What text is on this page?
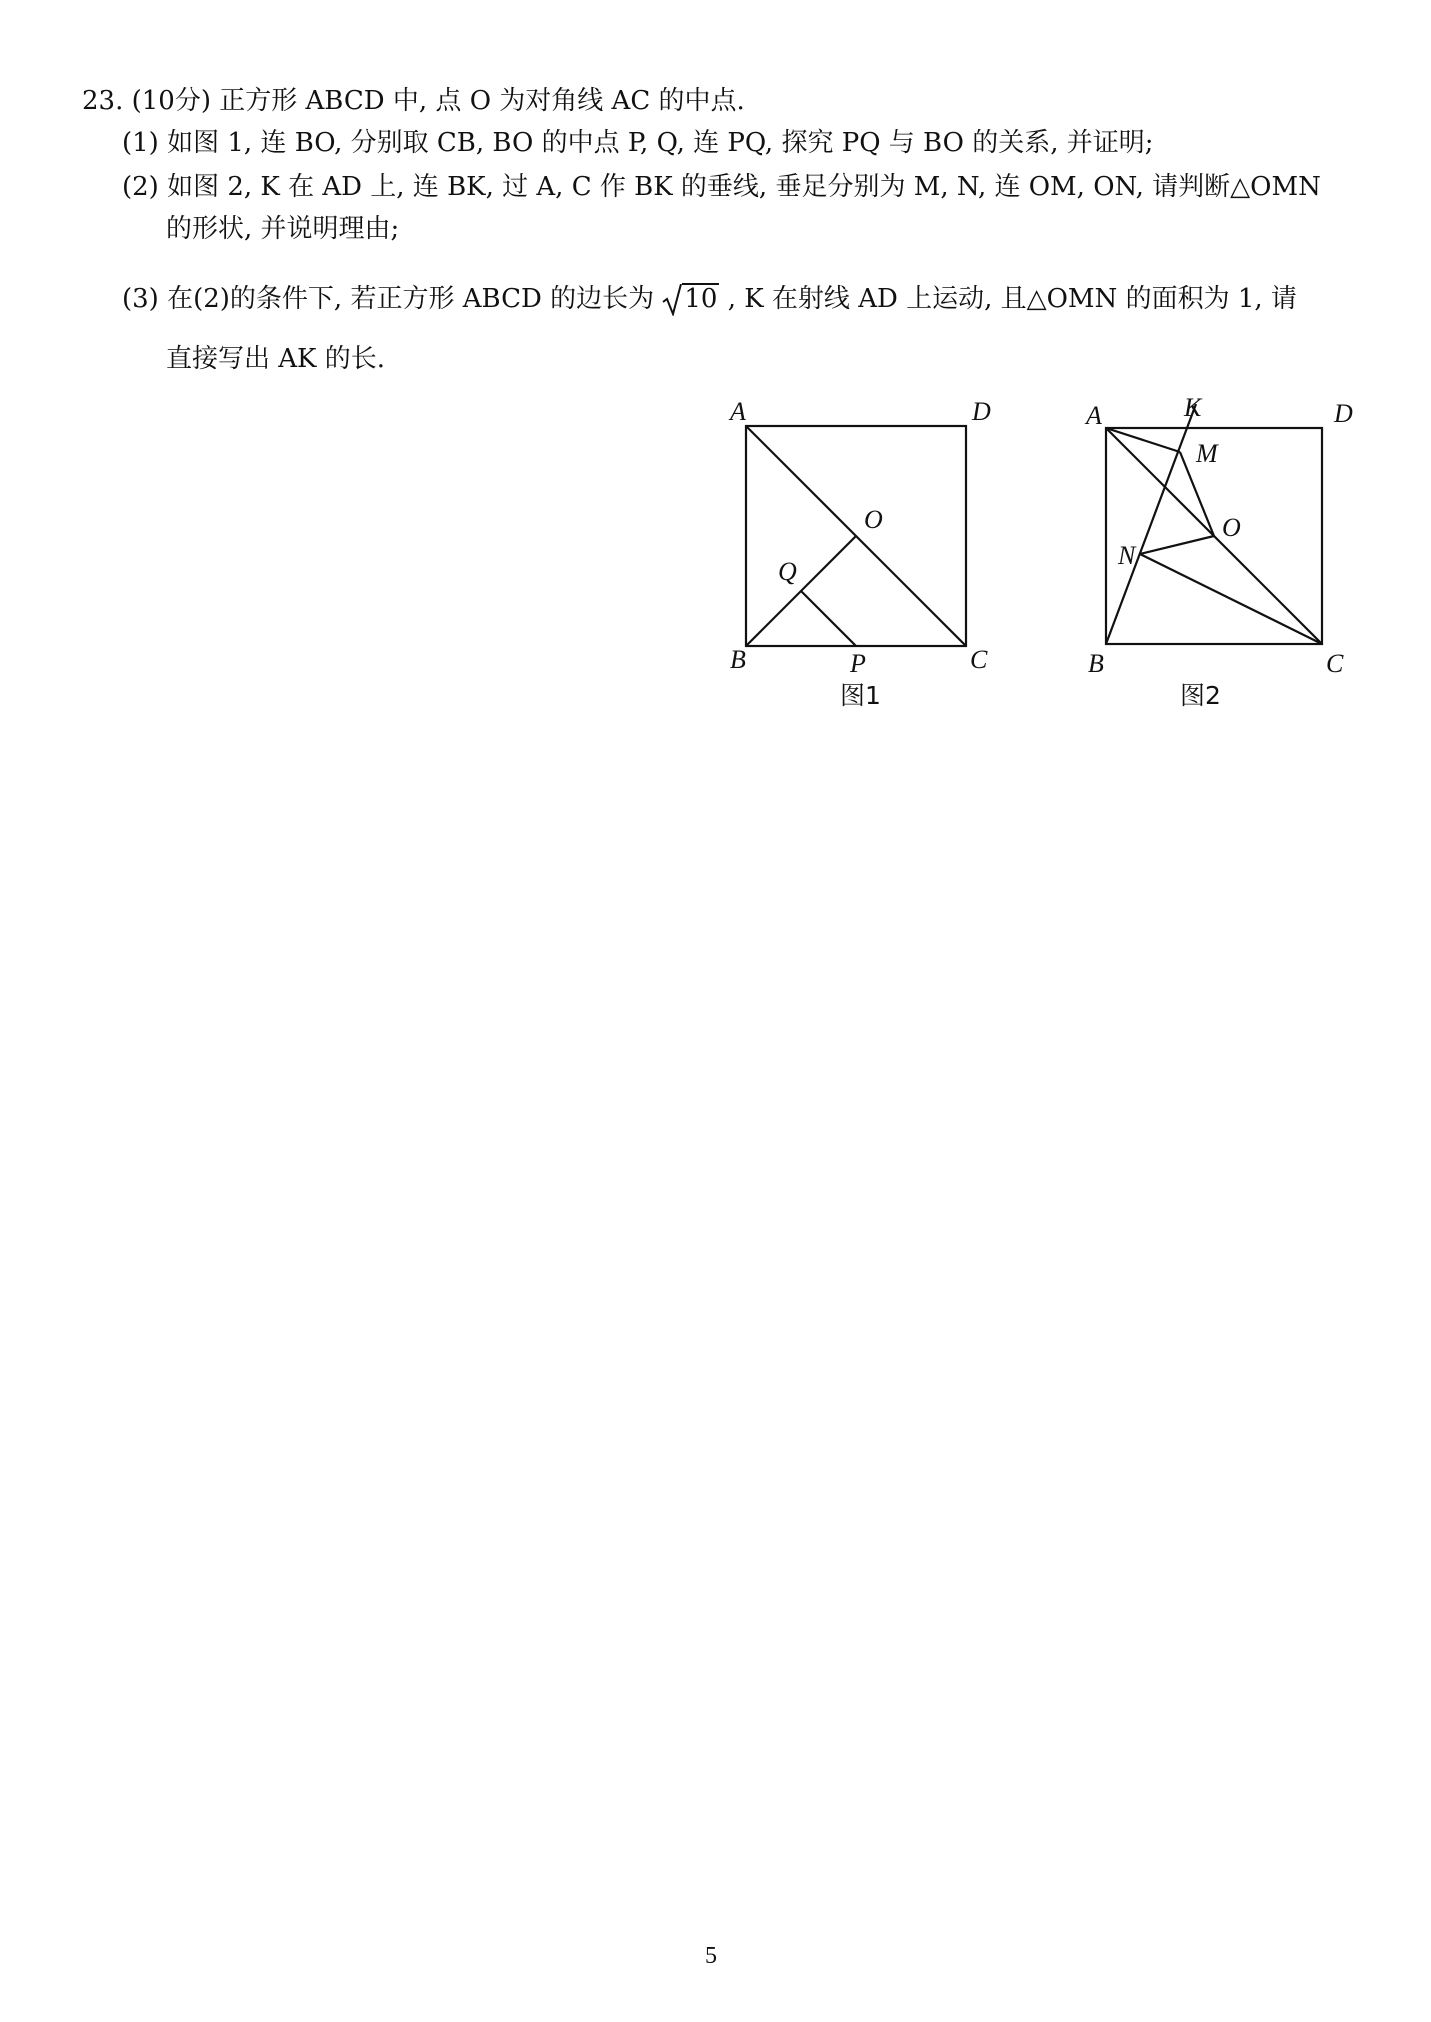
23. (10分) 正方形 ABCD 中, 点 O 为对角线 AC 的中点.
(1) 如图 1, 连 BO, 分别取 CB, BO 的中点 P, Q, 连 PQ, 探究 PQ 与 BO 的关系, 并证明;
(2) 如图 2, K 在 AD 上, 连 BK, 过 A, C 作 BK 的垂线, 垂足分别为 M, N, 连 OM, ON, 请判断△OMN
的形状, 并说明理由;
(3) 在(2)的条件下, 若正方形 ABCD 的边长为 10 , K 在射线 AD 上运动, 且△OMN 的面积为 1, 请
直接写出 AK 的长.
A	D
B	C
O
Q
P
图1
A	K	D
M
O
N
B	C
图2
5
